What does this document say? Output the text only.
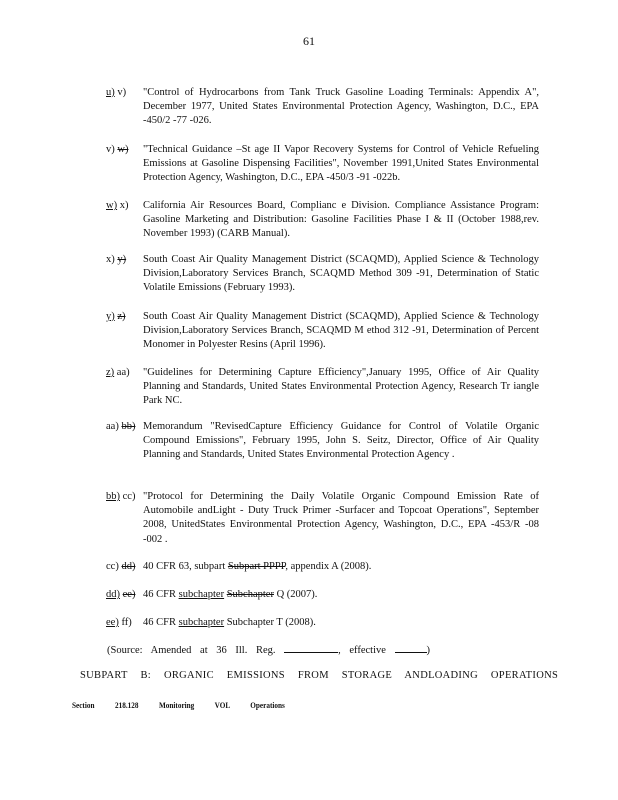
61
u) v) "Control of Hydrocarbons from Tank Truck Gasoline Loading Terminals: Appendix A", December 1977, United States Environmental Protection Agency, Washington, D.C., EPA -450/2 -77 -026.
v) w) "Technical Guidance –St age II Vapor Recovery Systems for Control of Vehicle Refueling Emissions at Gasoline Dispensing Facilities", November 1991,United States Environmental Protection Agency, Washington, D.C., EPA -450/3 -91 -022b.
w) x) California Air Resources Board, Complianc e Division. Compliance Assistance Program: Gasoline Marketing and Distribution: Gasoline Facilities Phase I & II (October 1988,rev. November 1993) (CARB Manual).
x) y) South Coast Air Quality Management District (SCAQMD), Applied Science & Technology Division,Laboratory Services Branch, SCAQMD Method 309 -91, Determination of Static Volatile Emissions (February 1993).
y) z) South Coast Air Quality Management District (SCAQMD), Applied Science & Technology Division,Laboratory Services Branch, SCAQMD M ethod 312 -91, Determination of Percent Monomer in Polyester Resins (April 1996).
z) aa) "Guidelines for Determining Capture Efficiency",January 1995, Office of Air Quality Planning and Standards, United States Environmental Protection Agency, Research Tr iangle Park NC.
aa) bb) Memorandum "RevisedCapture Efficiency Guidance for Control of Volatile Organic Compound Emissions", February 1995, John S. Seitz, Director, Office of Air Quality Planning and Standards, United States Environmental Protection Agency .
bb) cc) "Protocol for Determining the Daily Volatile Organic Compound Emission Rate of Automobile andLight - Duty Truck Primer -Surfacer and Topcoat Operations", September 2008, UnitedStates Environmental Protection Agency, Washington, D.C., EPA -453/R -08 -002 .
cc) dd) 40 CFR 63, subpart Subpart PPPP, appendix A (2008).
dd) ee) 46 CFR subchapter Subchapter Q (2007).
ee) ff) 46 CFR subchapter Subchapter T (2008).
(Source: Amended at 36 Ill. Reg.	, effective	)
SUBPART B: ORGANIC EMISSIONS FROM STORAGE ANDLOADING OPERATIONS
Section 218.128 Monitoring VOL Operations
